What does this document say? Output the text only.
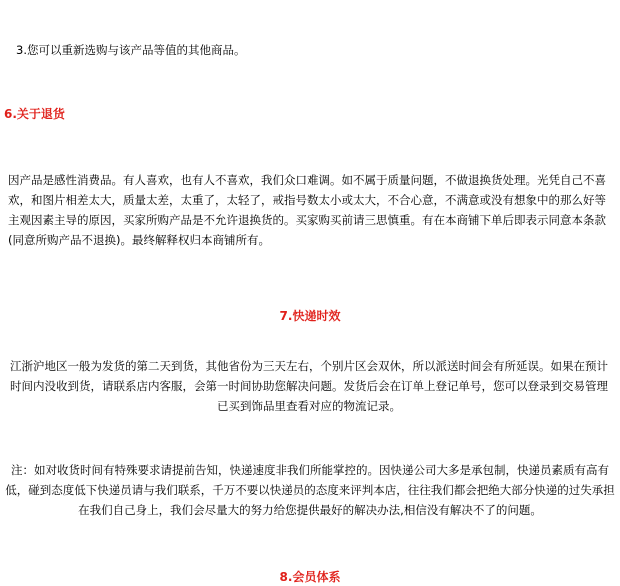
3.您可以重新选购与该产品等值的其他商品。
6.关于退货
因产品是感性消费品。有人喜欢，也有人不喜欢，我们众口难调。如不属于质量问题，不做退换货处理。光凭自己不喜欢，和图片相差太大，质量太差，太重了，太轻了，戒指号数太小或太大，不合心意，不满意或没有想象中的那么好等主观因素主导的原因，买家所购产品是不允许退换货的。买家购买前请三思慎重。有在本商铺下单后即表示同意本条款(同意所购产品不退换)。最终解释权归本商铺所有。
7.快递时效
江浙沪地区一般为发货的第二天到货，其他省份为三天左右，个别片区会双休，所以派送时间会有所延误。如果在预计时间内没收到货，请联系店内客服，会第一时间协助您解决问题。发货后会在订单上登记单号，您可以登录到交易管理已买到饰品里查看对应的物流记录。
注：如对收货时间有特殊要求请提前告知，快递速度非我们所能掌控的。因快递公司大多是承包制，快递员素质有高有低，碰到态度低下快递员请与我们联系，千万不要以快递员的态度来评判本店，往往我们都会把绝大部分快递的过失承担在我们自己身上，我们会尽量大的努力给您提供最好的解决办法,相信没有解决不了的问题。
8.会员体系
